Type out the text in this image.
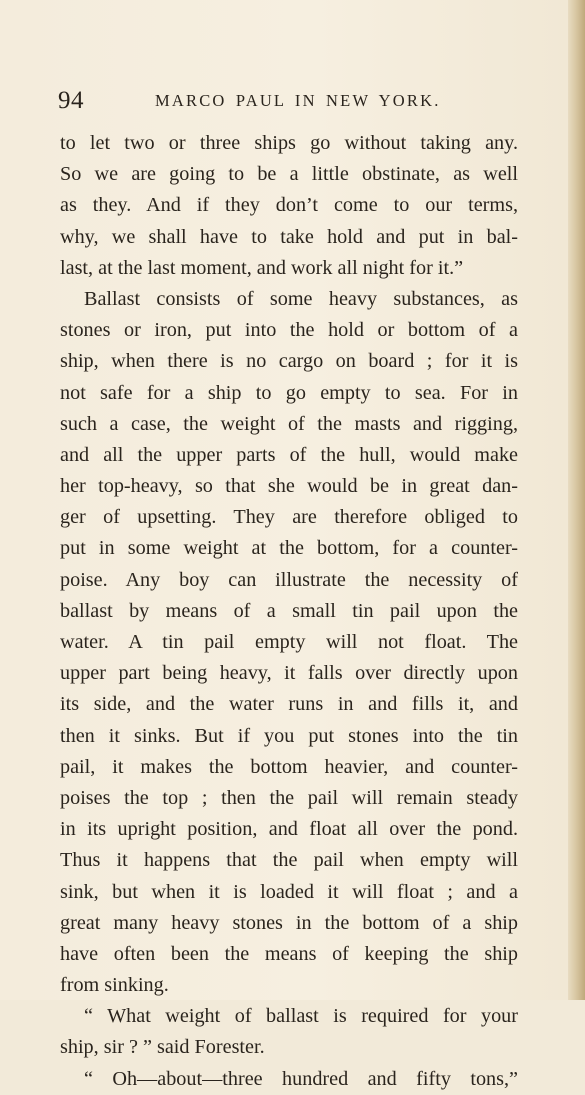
94	MARCO PAUL IN NEW YORK.
to let two or three ships go without taking any.
So we are going to be a little obstinate, as well
as they. And if they don’t come to our terms,
why, we shall have to take hold and put in bal-
last, at the last moment, and work all night for it.”
Ballast consists of some heavy substances, as
stones or iron, put into the hold or bottom of a
ship, when there is no cargo on board ; for it is
not safe for a ship to go empty to sea. For in
such a case, the weight of the masts and rigging,
and all the upper parts of the hull, would make
her top-heavy, so that she would be in great dan-
ger of upsetting. They are therefore obliged to
put in some weight at the bottom, for a counter-
poise. Any boy can illustrate the necessity of
ballast by means of a small tin pail upon the
water. A tin pail empty will not float. The
upper part being heavy, it falls over directly upon
its side, and the water runs in and fills it, and
then it sinks. But if you put stones into the tin
pail, it makes the bottom heavier, and counter-
poises the top ; then the pail will remain steady
in its upright position, and float all over the pond.
Thus it happens that the pail when empty will
sink, but when it is loaded it will float ; and a
great many heavy stones in the bottom of a ship
have often been the means of keeping the ship
from sinking.
“ What weight of ballast is required for your
ship, sir ? ” said Forester.
“ Oh—about—three hundred and fifty tons,”
